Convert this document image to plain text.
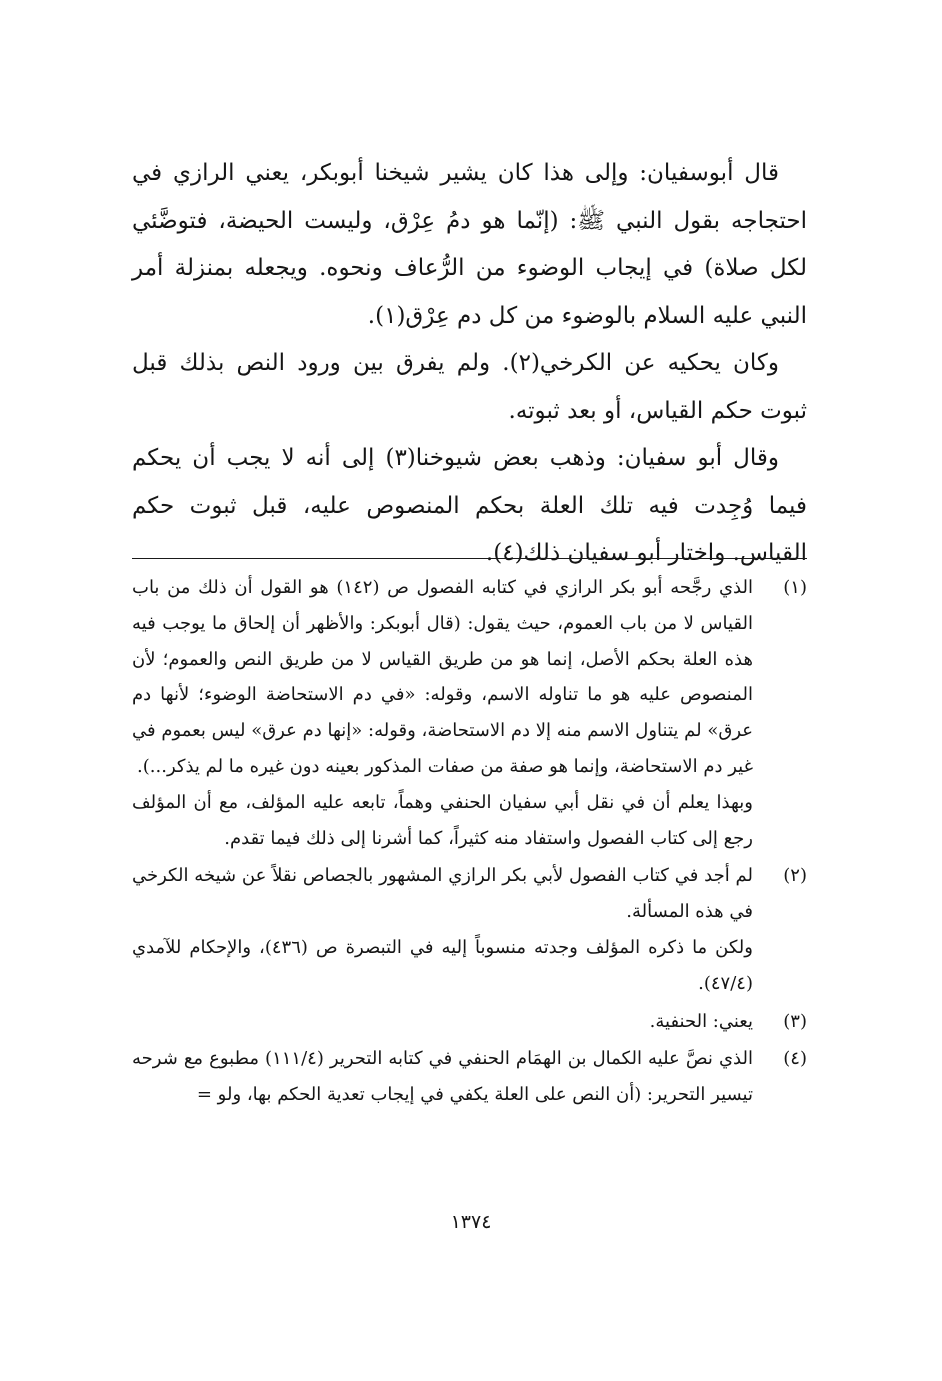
قال أبوسفيان: وإلى هذا كان يشير شيخنا أبوبكر، يعني الرازي في احتجاجه بقول النبي ﷺ: (إنّما هو دمُ عِرْق، وليست الحيضة، فتوضَّئي لكل صلاة) في إيجاب الوضوء من الرُّعاف ونحوه. ويجعله بمنزلة أمر النبي عليه السلام بالوضوء من كل دم عِرْق(١).

وكان يحكيه عن الكرخي(٢). ولم يفرق بين ورود النص بذلك قبل ثبوت حكم القياس، أو بعد ثبوته.

وقال أبو سفيان: وذهب بعض شيوخنا(٣) إلى أنه لا يجب أن يحكم فيما وُجِدت فيه تلك العلة بحكم المنصوص عليه، قبل ثبوت حكم القياس. واختار أبو سفيان ذلك(٤).

(١)

الذي رجَّحه أبو بكر الرازي في كتابه الفصول ص (١٤٢) هو القول أن ذلك من باب القياس لا من باب العموم، حيث يقول: (قال أبوبكر: والأظهر أن إلحاق ما يوجب فيه هذه العلة بحكم الأصل، إنما هو من طريق القياس لا من طريق النص والعموم؛ لأن المنصوص عليه هو ما تناوله الاسم، وقوله: «في دم الاستحاضة الوضوء؛ لأنها دم عرق» لم يتناول الاسم منه إلا دم الاستحاضة، وقوله: «إنها دم عرق» ليس بعموم في غير دم الاستحاضة، وإنما هو صفة من صفات المذكور بعينه دون غيره ما لم يذكر...).

وبهذا يعلم أن في نقل أبي سفيان الحنفي وهماً، تابعه عليه المؤلف، مع أن المؤلف رجع إلى كتاب الفصول واستفاد منه كثيراً، كما أشرنا إلى ذلك فيما تقدم.

(٢)

لم أجد في كتاب الفصول لأبي بكر الرازي المشهور بالجصاص نقلاً عن شيخه الكرخي في هذه المسألة.

ولكن ما ذكره المؤلف وجدته منسوباً إليه في التبصرة ص (٤٣٦)، والإحكام للآمدي (٤٧/٤).

(٣)

يعني: الحنفية.

(٤)

الذي نصَّ عليه الكمال بن الهمَام الحنفي في كتابه التحرير (١١١/٤) مطبوع مع شرحه تيسير التحرير: (أن النص على العلة يكفي في إيجاب تعدية الحكم بها، ولو =

١٣٧٤
